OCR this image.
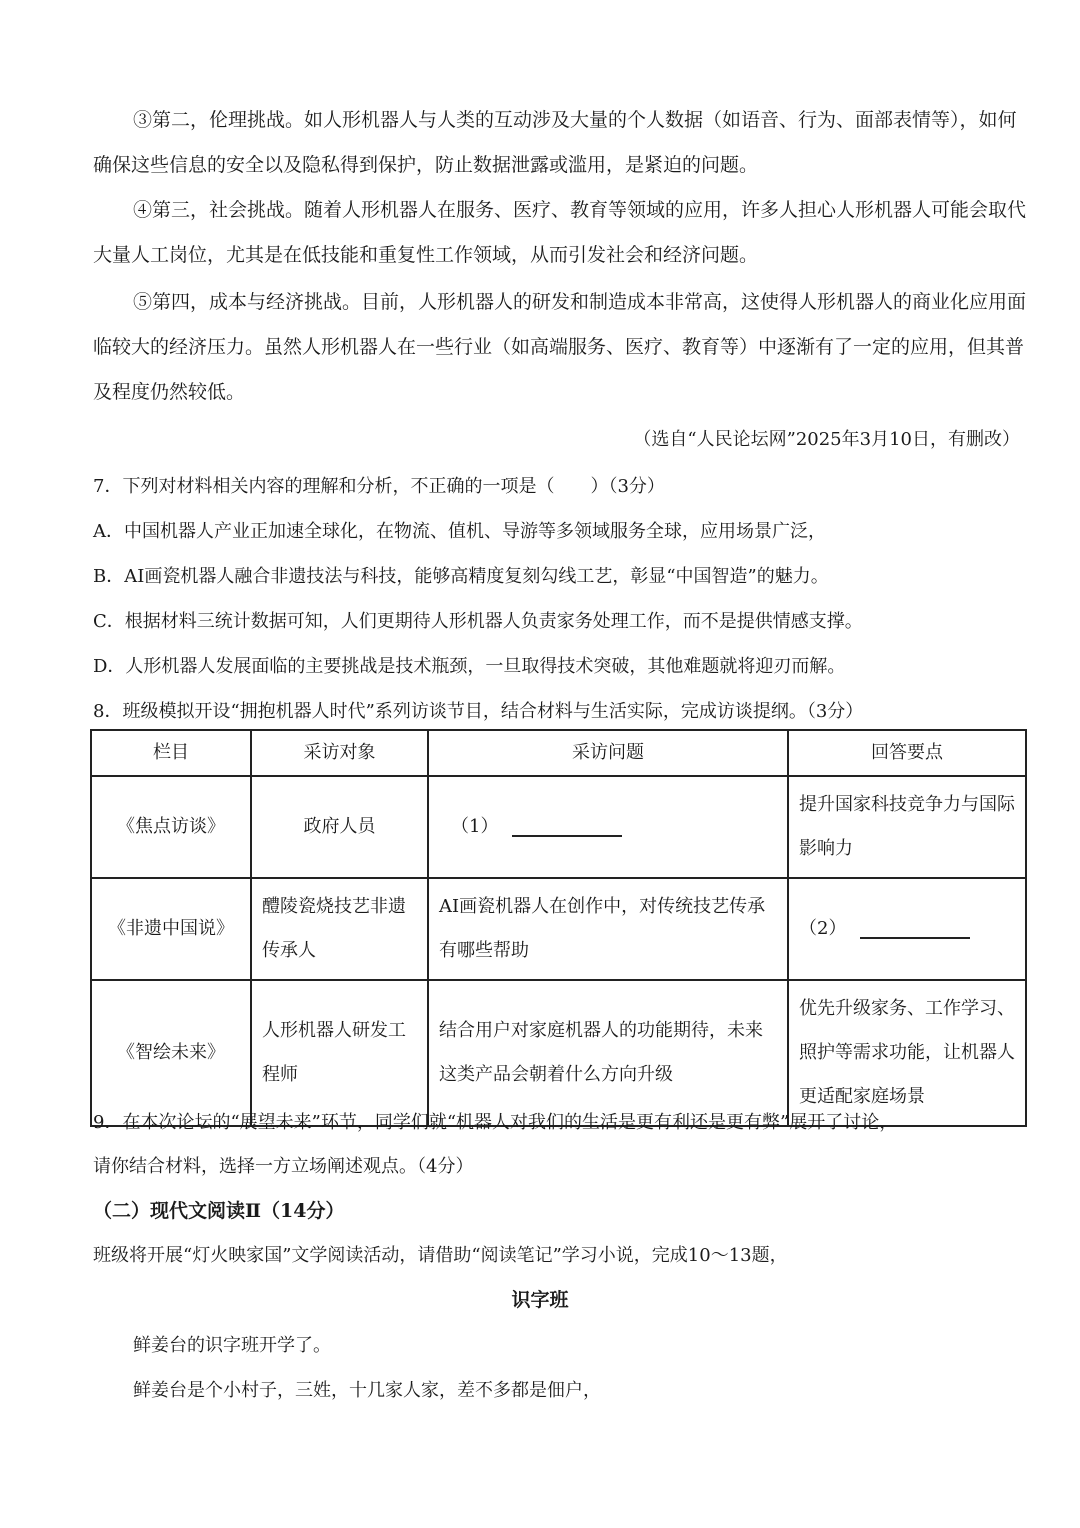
③第二，伦理挑战。如人形机器人与人类的互动涉及大量的个人数据（如语音、行为、面部表情等），如何确保这些信息的安全以及隐私得到保护，防止数据泄露或滥用，是紧迫的问题。

④第三，社会挑战。随着人形机器人在服务、医疗、教育等领域的应用，许多人担心人形机器人可能会取代大量人工岗位，尤其是在低技能和重复性工作领域，从而引发社会和经济问题。

⑤第四，成本与经济挑战。目前，人形机器人的研发和制造成本非常高，这使得人形机器人的商业化应用面临较大的经济压力。虽然人形机器人在一些行业（如高端服务、医疗、教育等）中逐渐有了一定的应用，但其普及程度仍然较低。

（选自“人民论坛网”2025年3月10日，有删改）

7．下列对材料相关内容的理解和分析，不正确的一项是（　　）（3分）

A．中国机器人产业正加速全球化，在物流、值机、导游等多领域服务全球，应用场景广泛，

B．AI画瓷机器人融合非遗技法与科技，能够高精度复刻勾线工艺，彰显“中国智造”的魅力。

C．根据材料三统计数据可知，人们更期待人形机器人负责家务处理工作，而不是提供情感支撑。

D．人形机器人发展面临的主要挑战是技术瓶颈，一旦取得技术突破，其他难题就将迎刃而解。

8．班级模拟开设“拥抱机器人时代”系列访谈节目，结合材料与生活实际，完成访谈提纲。（3分）

栏目	采访对象	采访问题	回答要点
《焦点访谈》	政府人员	（1）	提升国家科技竞争力与国际影响力
《非遗中国说》	醴陵瓷烧技艺非遗传承人	AI画瓷机器人在创作中，对传统技艺传承有哪些帮助	（2）
《智绘未来》	人形机器人研发工程师	结合用户对家庭机器人的功能期待，未来这类产品会朝着什么方向升级	优先升级家务、工作学习、照护等需求功能，让机器人更适配家庭场景

9．在本次论坛的“展望未来”环节，同学们就“机器人对我们的生活是更有利还是更有弊”展开了讨论，

请你结合材料，选择一方立场阐述观点。（4分）

（二）现代文阅读Ⅱ（14分）

班级将开展“灯火映家国”文学阅读活动，请借助“阅读笔记”学习小说，完成10～13题，

识字班

鲜姜台的识字班开学了。

鲜姜台是个小村子，三姓，十几家人家，差不多都是佃户，
